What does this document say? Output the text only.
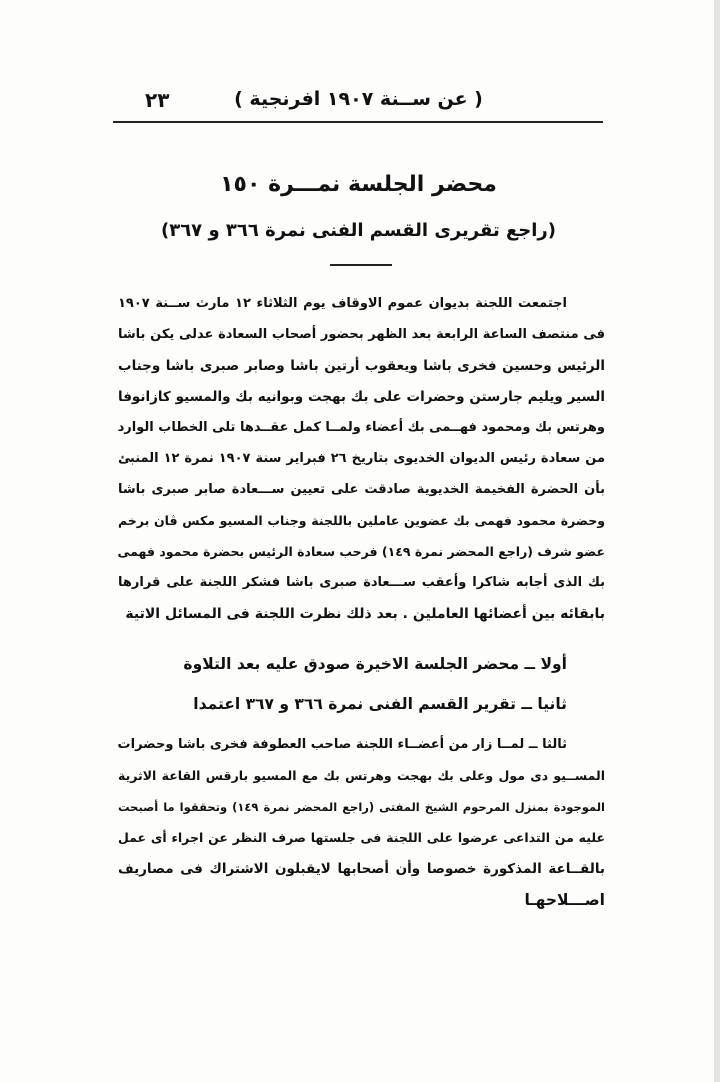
٢٣	( عن ســنة ١٩٠٧ افرنجية )
محضر الجلسة نمـــرة ١٥٠
(راجع تقريرى القسم الفنى نمرة ٣٦٦ و ٣٦٧)
اجتمعت اللجنة بديوان عموم الاوقاف يوم الثلاثاء ١٢ مارث ســنة ١٩٠٧
فى منتصف الساعة الرابعة بعد الظهر بحضور أصحاب السعادة عدلى يكن باشا
الرئيس وحسين فخرى باشا ويعقوب أرتين باشا وصابر صبرى باشا وجناب
السير ويليم جارستن وحضرات على بك بهجت وبوانيه بك والمسيو كازانوفا
وهرتس بك ومحمود فهــمى بك أعضاء ولمــا كمل عقــدها تلى الخطاب الوارد
من سعادة رئيس الديوان الخديوى بتاريخ ٢٦ فبراير سنة ١٩٠٧ نمرة ١٢ المنبئ
بأن الحضرة الفخيمة الخديوية صادقت على تعيين ســـعادة صابر صبرى باشا
وحضرة محمود فهمى بك عضوين عاملين باللجنة وجناب المسيو مكس ڤان برخم
عضو شرف (راجع المحضر نمرة ١٤٩) فرحب سعادة الرئيس بحضرة محمود فهمى
بك الذى أجابه شاكرا وأعقب ســـعادة صبرى باشا فشكر اللجنة على قرارها
بابقائه بين أعضائها العاملين . بعد ذلك نظرت اللجنة فى المسائل الاتية
أولا ــ محضر الجلسة الاخيرة صودق عليه بعد التلاوة
ثانيا ــ تقرير القسم الفنى نمرة ٣٦٦ و ٣٦٧ اعتمدا
ثالثا ــ لمــا زار من أعضــاء اللجنة صاحب العطوفة فخرى باشا وحضرات
المســيو دى مول وعلى بك بهجت وهرتس بك مع المسيو بارقس القاعة الاثرية
الموجودة بمنزل المرحوم الشيخ المفتى (راجع المحضر نمرة ١٤٩) وتحققوا ما أصبحت
عليه من التداعى عرضوا على اللجنة فى جلستها صرف النظر عن اجراء أى عمل
بالقــاعة المذكورة خصوصا وأن أصحابها لايقبلون الاشتراك فى مصاريف
اصـــلاحهـا
